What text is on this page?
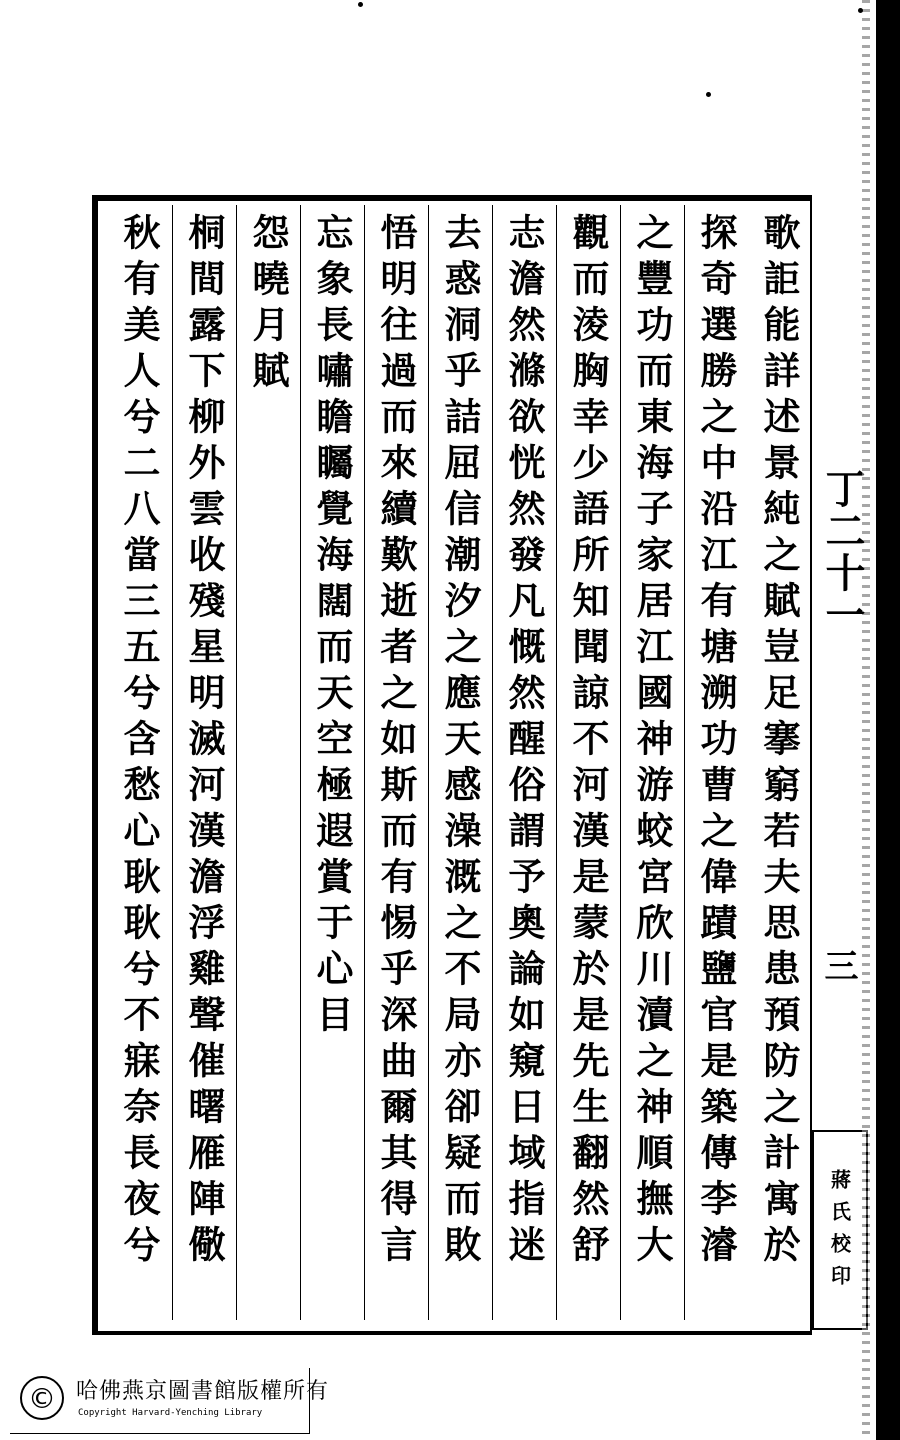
歌詎能詳述景純之賦豈足搴窮若夫思患預防之計寓於
探奇選勝之中沿江有塘溯功曹之偉蹟鹽官是築傳李濬
之豐功而東海子家居江國神游蛟宮欣川瀆之神順撫大
觀而淩胸幸少語所知聞諒不河漢是蒙於是先生翻然舒
志澹然滌欲恍然發凡慨然醒俗謂予奧論如窺日域指迷
去惑洞乎詰屈信潮汐之應天感澡溉之不局亦卻疑而敗
悟明往過而來續歎逝者之如斯而有惕乎深曲爾其得言
忘象長嘯瞻矚覺海闊而天空極遐賞于心目
怨曉月賦
桐間露下柳外雲收殘星明滅河漢澹浮雞聲催曙雁陣儆
秋有美人兮二八當三五兮含愁心耿耿兮不寐奈長夜兮	丁二十一
三
蔣氏校印
© 哈佛燕京圖書館版權所有
Copyright Harvard-Yenching Library
